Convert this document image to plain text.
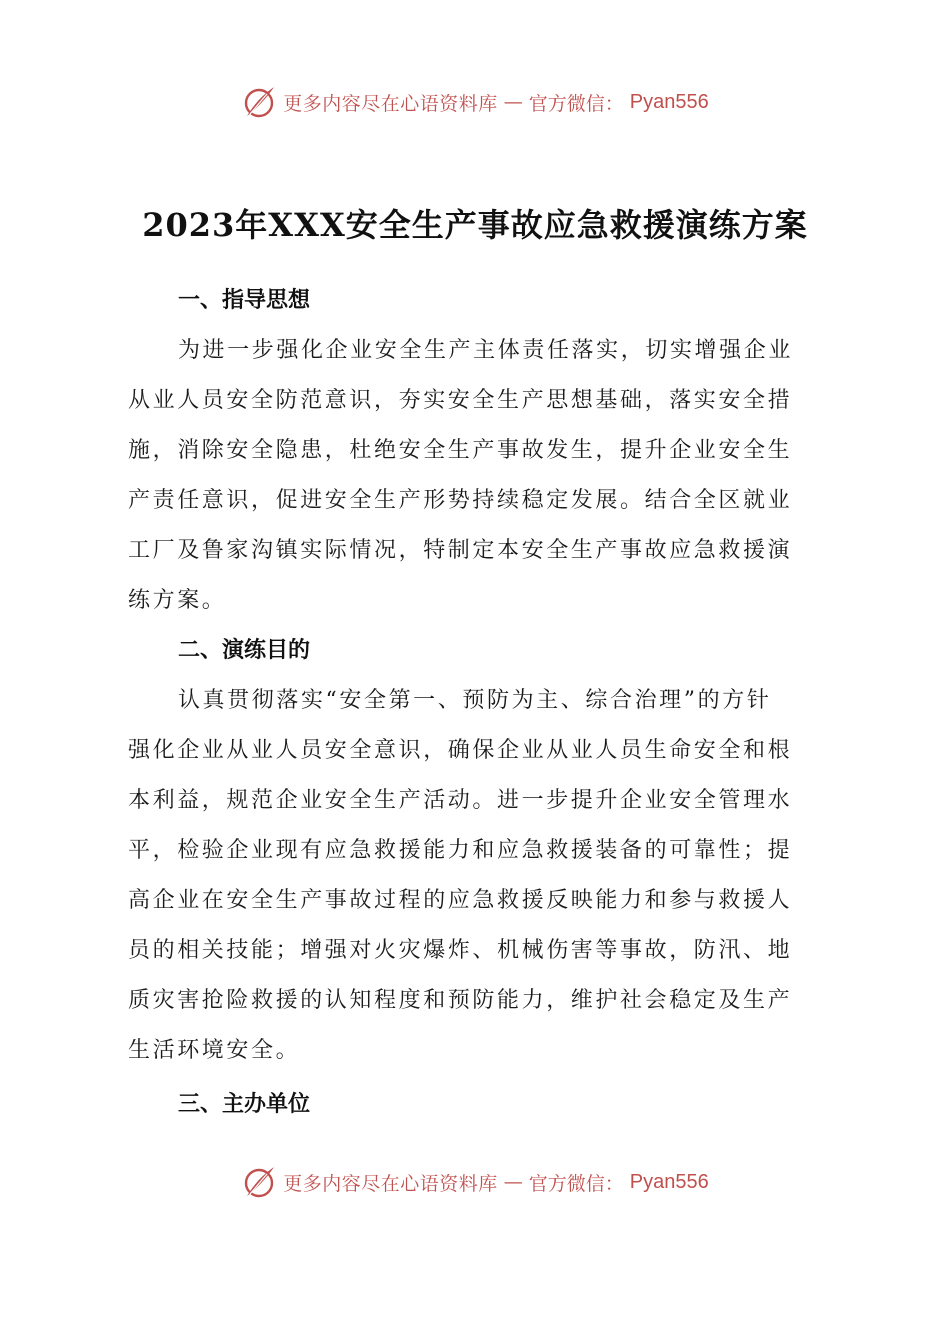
更多内容尽在心语资料库 — 官方微信： Pyan556
2023年XXX安全生产事故应急救援演练方案
一、指导思想
为进一步强化企业安全生产主体责任落实，切实增强企业
从业人员安全防范意识，夯实安全生产思想基础，落实安全措
施，消除安全隐患，杜绝安全生产事故发生，提升企业安全生
产责任意识，促进安全生产形势持续稳定发展。结合全区就业
工厂及鲁家沟镇实际情况，特制定本安全生产事故应急救援演
练方案。
二、演练目的
认真贯彻落实“安全第一、预防为主、综合治理”的方针
强化企业从业人员安全意识，确保企业从业人员生命安全和根
本利益，规范企业安全生产活动。进一步提升企业安全管理水
平，检验企业现有应急救援能力和应急救援装备的可靠性；提
高企业在安全生产事故过程的应急救援反映能力和参与救援人
员的相关技能；增强对火灾爆炸、机械伤害等事故，防汛、地
质灾害抢险救援的认知程度和预防能力，维护社会稳定及生产
生活环境安全。
三、主办单位
更多内容尽在心语资料库 — 官方微信： Pyan556
